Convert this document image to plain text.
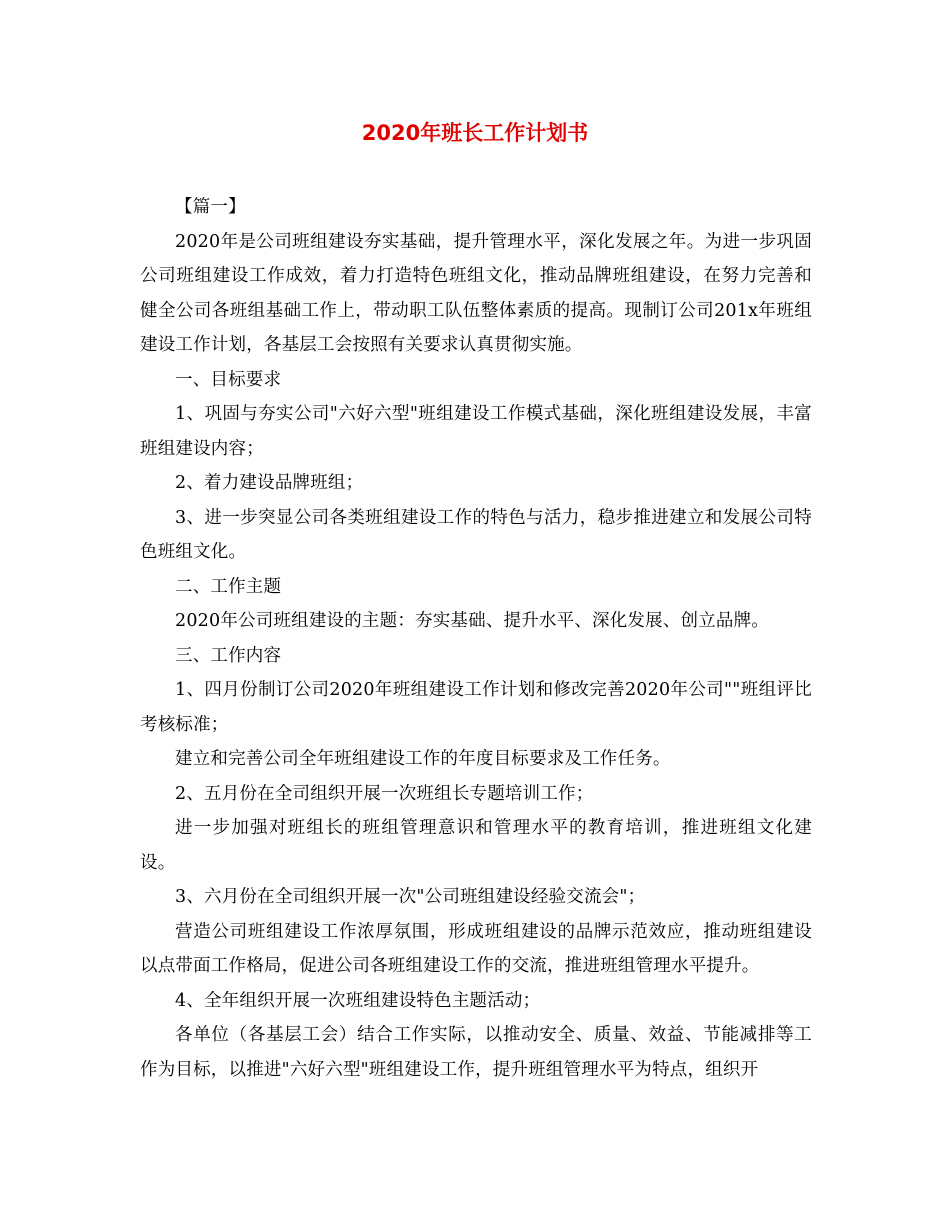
2020年班长工作计划书

【篇一】

2020年是公司班组建设夯实基础，提升管理水平，深化发展之年。为进一步巩固公司班组建设工作成效，着力打造特色班组文化，推动品牌班组建设，在努力完善和健全公司各班组基础工作上，带动职工队伍整体素质的提高。现制订公司201x年班组建设工作计划，各基层工会按照有关要求认真贯彻实施。

一、目标要求

1、巩固与夯实公司"六好六型"班组建设工作模式基础，深化班组建设发展，丰富班组建设内容；

2、着力建设品牌班组；

3、进一步突显公司各类班组建设工作的特色与活力，稳步推进建立和发展公司特色班组文化。

二、工作主题

2020年公司班组建设的主题：夯实基础、提升水平、深化发展、创立品牌。

三、工作内容

1、四月份制订公司2020年班组建设工作计划和修改完善2020年公司""班组评比考核标准；

建立和完善公司全年班组建设工作的年度目标要求及工作任务。

2、五月份在全司组织开展一次班组长专题培训工作；

进一步加强对班组长的班组管理意识和管理水平的教育培训，推进班组文化建设。

3、六月份在全司组织开展一次"公司班组建设经验交流会"；

营造公司班组建设工作浓厚氛围，形成班组建设的品牌示范效应，推动班组建设以点带面工作格局，促进公司各班组建设工作的交流，推进班组管理水平提升。

4、全年组织开展一次班组建设特色主题活动；

各单位（各基层工会）结合工作实际，以推动安全、质量、效益、节能减排等工作为目标，以推进"六好六型"班组建设工作，提升班组管理水平为特点，组织开
